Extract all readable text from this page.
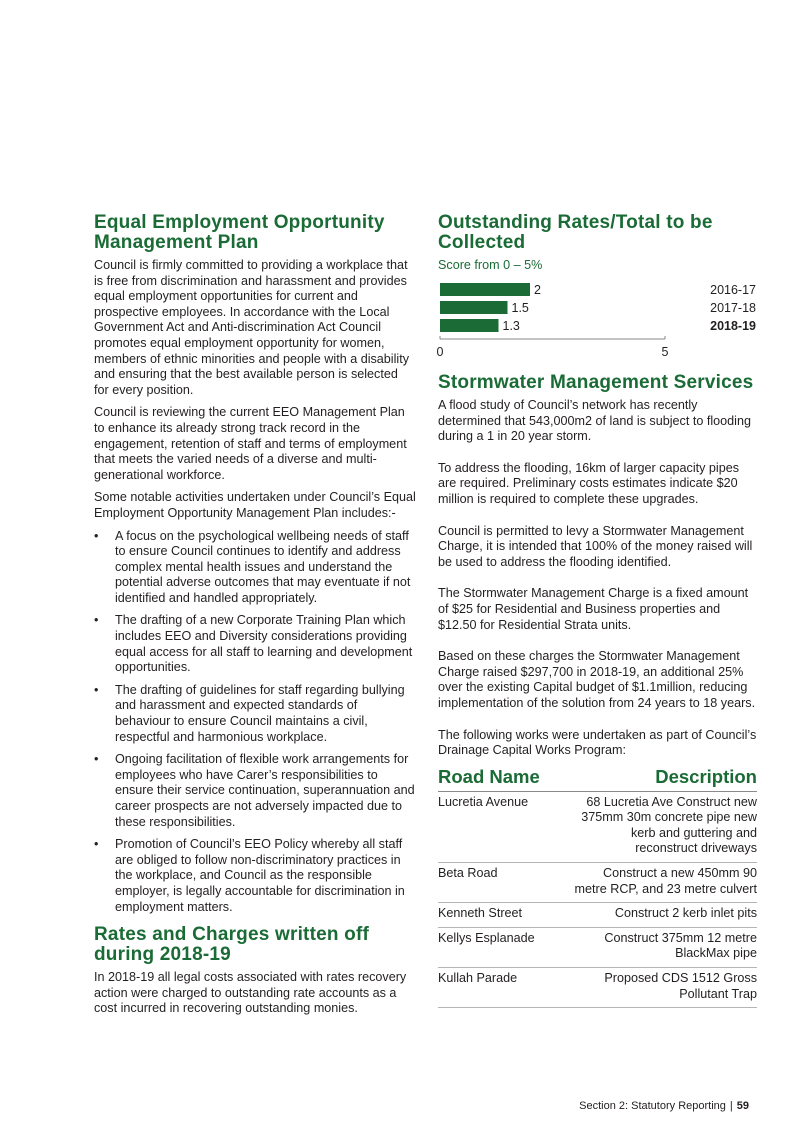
Equal Employment Opportunity Management Plan

Council is firmly committed to providing a workplace that is free from discrimination and harassment and provides equal employment opportunities for current and prospective employees. In accordance with the Local Government Act and Anti-discrimination Act Council promotes equal employment opportunity for women, members of ethnic minorities and people with a disability and ensuring that the best available person is selected for every position.

Council is reviewing the current EEO Management Plan to enhance its already strong track record in the engagement, retention of staff and terms of employment that meets the varied needs of a diverse and multi-generational workforce.

Some notable activities undertaken under Council’s Equal Employment Opportunity Management Plan includes:-

• A focus on the psychological wellbeing needs of staff to ensure Council continues to identify and address complex mental health issues and understand the potential adverse outcomes that may eventuate if not identified and handled appropriately.
• The drafting of a new Corporate Training Plan which includes EEO and Diversity considerations providing equal access for all staff to learning and development opportunities.
• The drafting of guidelines for staff regarding bullying and harassment and expected standards of behaviour to ensure Council maintains a civil, respectful and harmonious workplace.
• Ongoing facilitation of flexible work arrangements for employees who have Carer’s responsibilities to ensure their service continuation, superannuation and career prospects are not adversely impacted due to these responsibilities.
• Promotion of Council’s EEO Policy whereby all staff are obliged to follow non-discriminatory practices in the workplace, and Council as the responsible employer, is legally accountable for discrimination in employment matters.
Rates and Charges written off during 2018-19

In 2018-19 all legal costs associated with rates recovery action were charged to outstanding rate accounts as a cost incurred in recovering outstanding monies.

Outstanding Rates/Total to be Collected
Score from 0 – 5%
2	2016-17
1.5	2017-18
1.3	2018-19
0	5
Stormwater Management Services

A flood study of Council’s network has recently determined that 543,000m2 of land is subject to flooding during a 1 in 20 year storm.

To address the flooding, 16km of larger capacity pipes are required. Preliminary costs estimates indicate $20 million is required to complete these upgrades.

Council is permitted to levy a Stormwater Management Charge, it is intended that 100% of the money raised will be used to address the flooding identified.

The Stormwater Management Charge is a fixed amount of $25 for Residential and Business properties and $12.50 for Residential Strata units.

Based on these charges the Stormwater Management Charge raised $297,700 in 2018-19, an additional 25% over the existing Capital budget of $1.1million, reducing implementation of the solution from 24 years to 18 years.

The following works were undertaken as part of Council’s Drainage Capital Works Program:

Road Name	Description
Lucretia Avenue	68 Lucretia Ave Construct new 375mm 30m concrete pipe new kerb and guttering and reconstruct driveways
Beta Road	Construct a new 450mm 90 metre RCP, and 23 metre culvert
Kenneth Street	Construct 2 kerb inlet pits
Kellys Esplanade	Construct 375mm 12 metre BlackMax pipe
Kullah Parade	Proposed CDS 1512 Gross Pollutant Trap
Section 2: Statutory Reporting | 59
